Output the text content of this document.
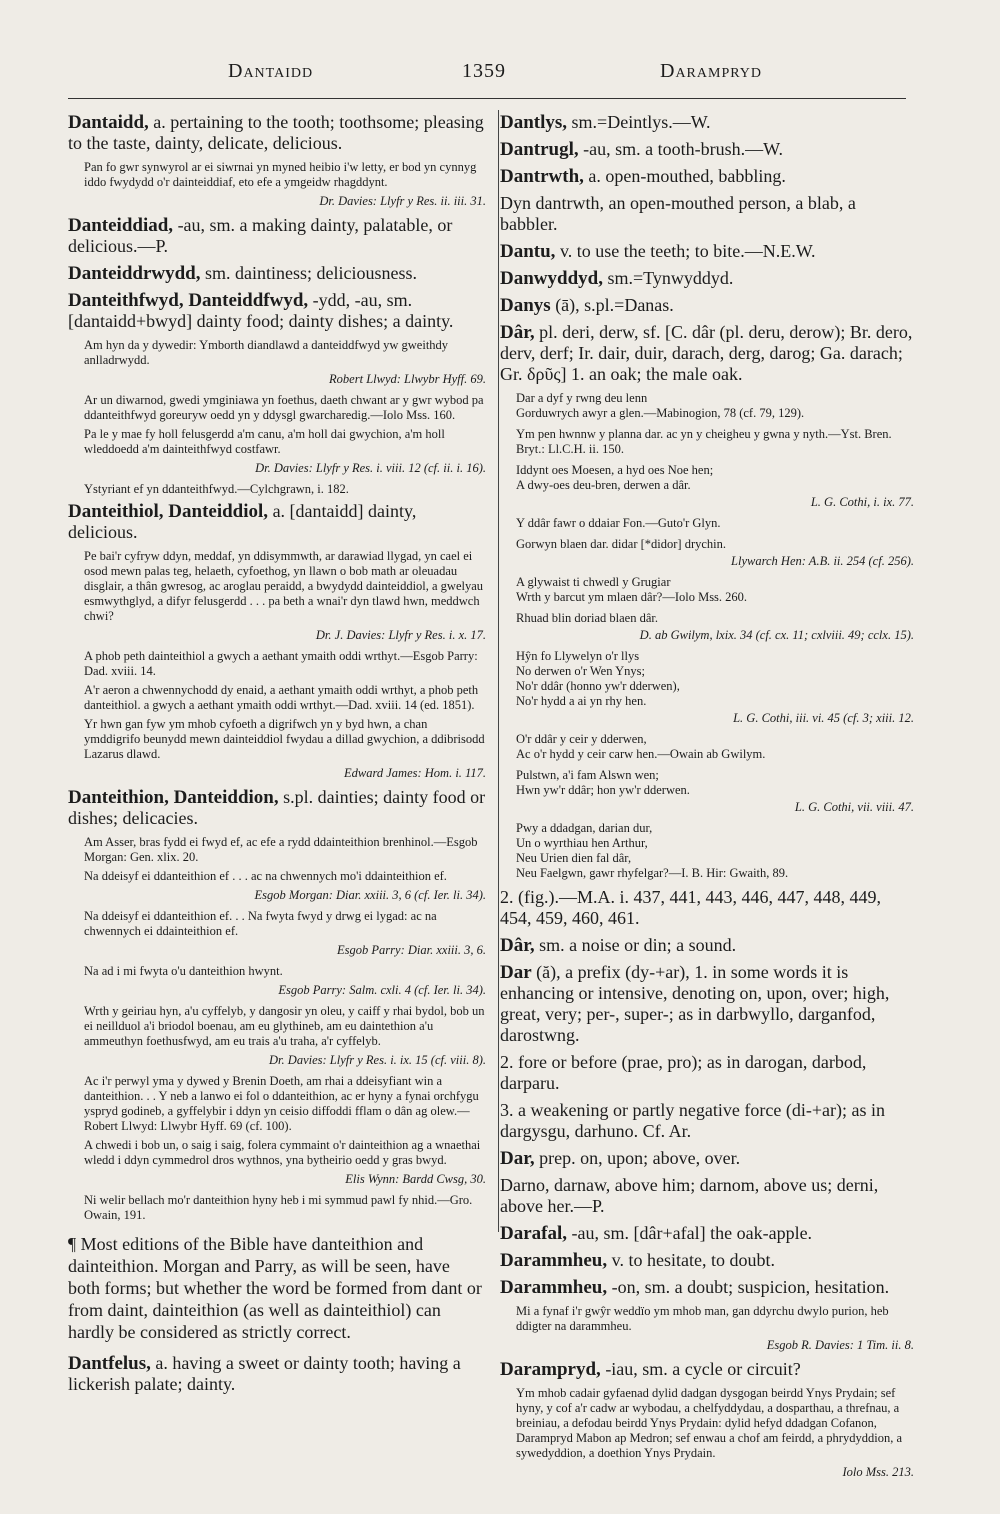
Dantaidd	1359	Darampryd
Dantaidd, a. pertaining to the tooth; toothsome; pleasing to the taste, dainty, delicate, delicious.
Pan fo gwr synwyrol ar ei siwrnai yn myned heibio i'w letty, er bod yn cynnyg iddo fwydydd o'r dainteiddiaf, eto efe a ymgeidw rhagddynt.
Dr. Davies: Llyfr y Res. ii. iii. 31.
Danteiddiad, -au, sm. a making dainty, palatable, or delicious.—P.
Danteiddrwydd, sm. daintiness; deliciousness.
Danteithfwyd, Danteiddfwyd, -ydd, -au, sm. [dantaidd+bwyd] dainty food; dainty dishes; a dainty.
Am hyn da y dywedir: Ymborth diandlawd a danteiddfwyd yw gweithdy anlladrwydd.
Robert Llwyd: Llwybr Hyff. 69.
Ar un diwarnod, gwedi ymginiawa yn foethus, daeth chwant ar y gwr wybod pa ddanteithfwyd goreuryw oedd yn y ddysgl gwarcharedig.—Iolo Mss. 160.
Pa le y mae fy holl felusgerdd a'm canu, a'm holl dai gwychion, a'm holl wleddoedd a'm dainteithfwyd costfawr.
Dr. Davies: Llyfr y Res. i. viii. 12 (cf. ii. i. 16).
Ystyriant ef yn ddanteithfwyd.—Cylchgrawn, i. 182.
Danteithiol, Danteiddiol, a. [dantaidd] dainty, delicious.
Pe bai'r cyfryw ddyn, meddaf, yn ddisymmwth, ar darawiad llygad, yn cael ei osod mewn palas teg, helaeth, cyfoethog, yn llawn o bob math ar oleuadau disglair, a thân gwresog, ac aroglau peraidd, a bwydydd dainteiddiol, a gwelyau esmwythglyd, a difyr felusgerdd . . . pa beth a wnai'r dyn tlawd hwn, meddwch chwi?
Dr. J. Davies: Llyfr y Res. i. x. 17.
A phob peth dainteithiol a gwych a aethant ymaith oddi wrthyt.—Esgob Parry: Dad. xviii. 14.
A'r aeron a chwennychodd dy enaid, a aethant ymaith oddi wrthyt, a phob peth danteithiol. a gwych a aethant ymaith oddi wrthyt.—Dad. xviii. 14 (ed. 1851).
Yr hwn gan fyw ym mhob cyfoeth a digrifwch yn y byd hwn, a chan ymddigrifo beunydd mewn dainteiddiol fwydau a dillad gwychion, a ddibrisodd Lazarus dlawd.
Edward James: Hom. i. 117.
Danteithion, Danteiddion, s.pl. dainties; dainty food or dishes; delicacies.
Am Asser, bras fydd ei fwyd ef, ac efe a rydd ddainteithion brenhinol.—Esgob Morgan: Gen. xlix. 20.
Na ddeisyf ei ddanteithion ef . . . ac na chwennych mo'i ddainteithion ef.
Esgob Morgan: Diar. xxiii. 3, 6 (cf. Ier. li. 34).
Na ddeisyf ei ddanteithion ef. . . Na fwyta fwyd y drwg ei lygad: ac na chwennych ei ddainteithion ef.
Esgob Parry: Diar. xxiii. 3, 6.
Na ad i mi fwyta o'u danteithion hwynt.
Esgob Parry: Salm. cxli. 4 (cf. Ier. li. 34).
Wrth y geiriau hyn, a'u cyffelyb, y dangosir yn oleu, y caiff y rhai bydol, bob un ei neillduol a'i briodol boenau, am eu glythineb, am eu daintethion a'u ammeuthyn foethusfwyd, am eu trais a'u traha, a'r cyffelyb.
Dr. Davies: Llyfr y Res. i. ix. 15 (cf. viii. 8).
Ac i'r perwyl yma y dywed y Brenin Doeth, am rhai a ddeisyfiant win a danteithion. . . Y neb a lanwo ei fol o ddanteithion, ac er hyny a fynai orchfygu yspryd godineb, a gyffelybir i ddyn yn ceisio diffoddi fflam o dân ag olew.—Robert Llwyd: Llwybr Hyff. 69 (cf. 100).
A chwedi i bob un, o saig i saig, folera cymmaint o'r dainteithion ag a wnaethai wledd i ddyn cymmedrol dros wythnos, yna bytheirio oedd y gras bwyd.
Elis Wynn: Bardd Cwsg, 30.
Ni welir bellach mo'r danteithion hyny heb i mi symmud pawl fy nhid.—Gro. Owain, 191.
¶ Most editions of the Bible have danteithion and dainteithion. Morgan and Parry, as will be seen, have both forms; but whether the word be formed from dant or from daint, dainteithion (as well as dainteithiol) can hardly be considered as strictly correct.
Dantfelus, a. having a sweet or dainty tooth; having a lickerish palate; dainty.
Dantlys, sm.=Deintlys.—W.
Dantrugl, -au, sm. a tooth-brush.—W.
Dantrwth, a. open-mouthed, babbling.
Dyn dantrwth, an open-mouthed person, a blab, a babbler.
Dantu, v. to use the teeth; to bite.—N.E.W.
Danwyddyd, sm.=Tynwyddyd.
Danys (ā), s.pl.=Danas.
Dâr, pl. deri, derw, sf. [C. dâr (pl. deru, derow); Br. dero, derv, derf; Ir. dair, duir, darach, derg, darog; Ga. darach; Gr. δρῦς] 1. an oak; the male oak.
Dar a dyf y rwng deu lenn
Gorduwrych awyr a glen.—Mabinogion, 78 (cf. 79, 129).
Ym pen hwnnw y planna dar. ac yn y cheigheu y gwna y nyth.—Yst. Bren. Bryt.: Ll.C.H. ii. 150.
Iddynt oes Moesen, a hyd oes Noe hen;
A dwy-oes deu-bren, derwen a dâr.
L. G. Cothi, i. ix. 77.
Y ddâr fawr o ddaiar Fon.—Guto'r Glyn.
Gorwyn blaen dar. didar [*didor] drychin.
Llywarch Hen: A.B. ii. 254 (cf. 256).
A glywaist ti chwedl y Grugiar
Wrth y barcut ym mlaen dâr?—Iolo Mss. 260.
Rhuad blin doriad blaen dâr.
D. ab Gwilym, lxix. 34 (cf. cx. 11; cxlviii. 49; cclx. 15).
Hŷn fo Llywelyn o'r llys
No derwen o'r Wen Ynys;
No'r ddâr (honno yw'r dderwen),
No'r hydd a ai yn rhy hen.
L. G. Cothi, iii. vi. 45 (cf. 3; xiii. 12.
O'r ddâr y ceir y dderwen,
Ac o'r hydd y ceir carw hen.—Owain ab Gwilym.
Pulstwn, a'i fam Alswn wen;
Hwn yw'r ddâr; hon yw'r dderwen.
L. G. Cothi, vii. viii. 47.
Pwy a ddadgan, darian dur,
Un o wyrthiau hen Arthur,
Neu Urien dien fal dâr,
Neu Faelgwn, gawr rhyfelgar?—I. B. Hir: Gwaith, 89.
2. (fig.).—M.A. i. 437, 441, 443, 446, 447, 448, 449, 454, 459, 460, 461.
Dâr, sm. a noise or din; a sound.
Dar (ă), a prefix (dy-+ar), 1. in some words it is enhancing or intensive, denoting on, upon, over; high, great, very; per-, super-; as in darbwyllo, darganfod, darostwng.
2. fore or before (prae, pro); as in darogan, darbod, darparu.
3. a weakening or partly negative force (di-+ar); as in dargysgu, darhuno. Cf. Ar.
Dar, prep. on, upon; above, over.
Darno, darnaw, above him; darnom, above us; derni, above her.—P.
Darafal, -au, sm. [dâr+afal] the oak-apple.
Darammheu, v. to hesitate, to doubt.
Darammheu, -on, sm. a doubt; suspicion, hesitation.
Mi a fynaf i'r gwŷr weddïo ym mhob man, gan ddyrchu dwylo purion, heb ddigter na darammheu.
Esgob R. Davies: 1 Tim. ii. 8.
Darampryd, -iau, sm. a cycle or circuit?
Ym mhob cadair gyfaenad dylid dadgan dysgogan beirdd Ynys Prydain; sef hyny, y cof a'r cadw ar wybodau, a chelfyddydau, a dosparthau, a threfnau, a breiniau, a defodau beirdd Ynys Prydain: dylid hefyd ddadgan Cofanon, Darampryd Mabon ap Medron; sef enwau a chof am feirdd, a phrydyddion, a sywedyddion, a doethion Ynys Prydain.
Iolo Mss. 213.
